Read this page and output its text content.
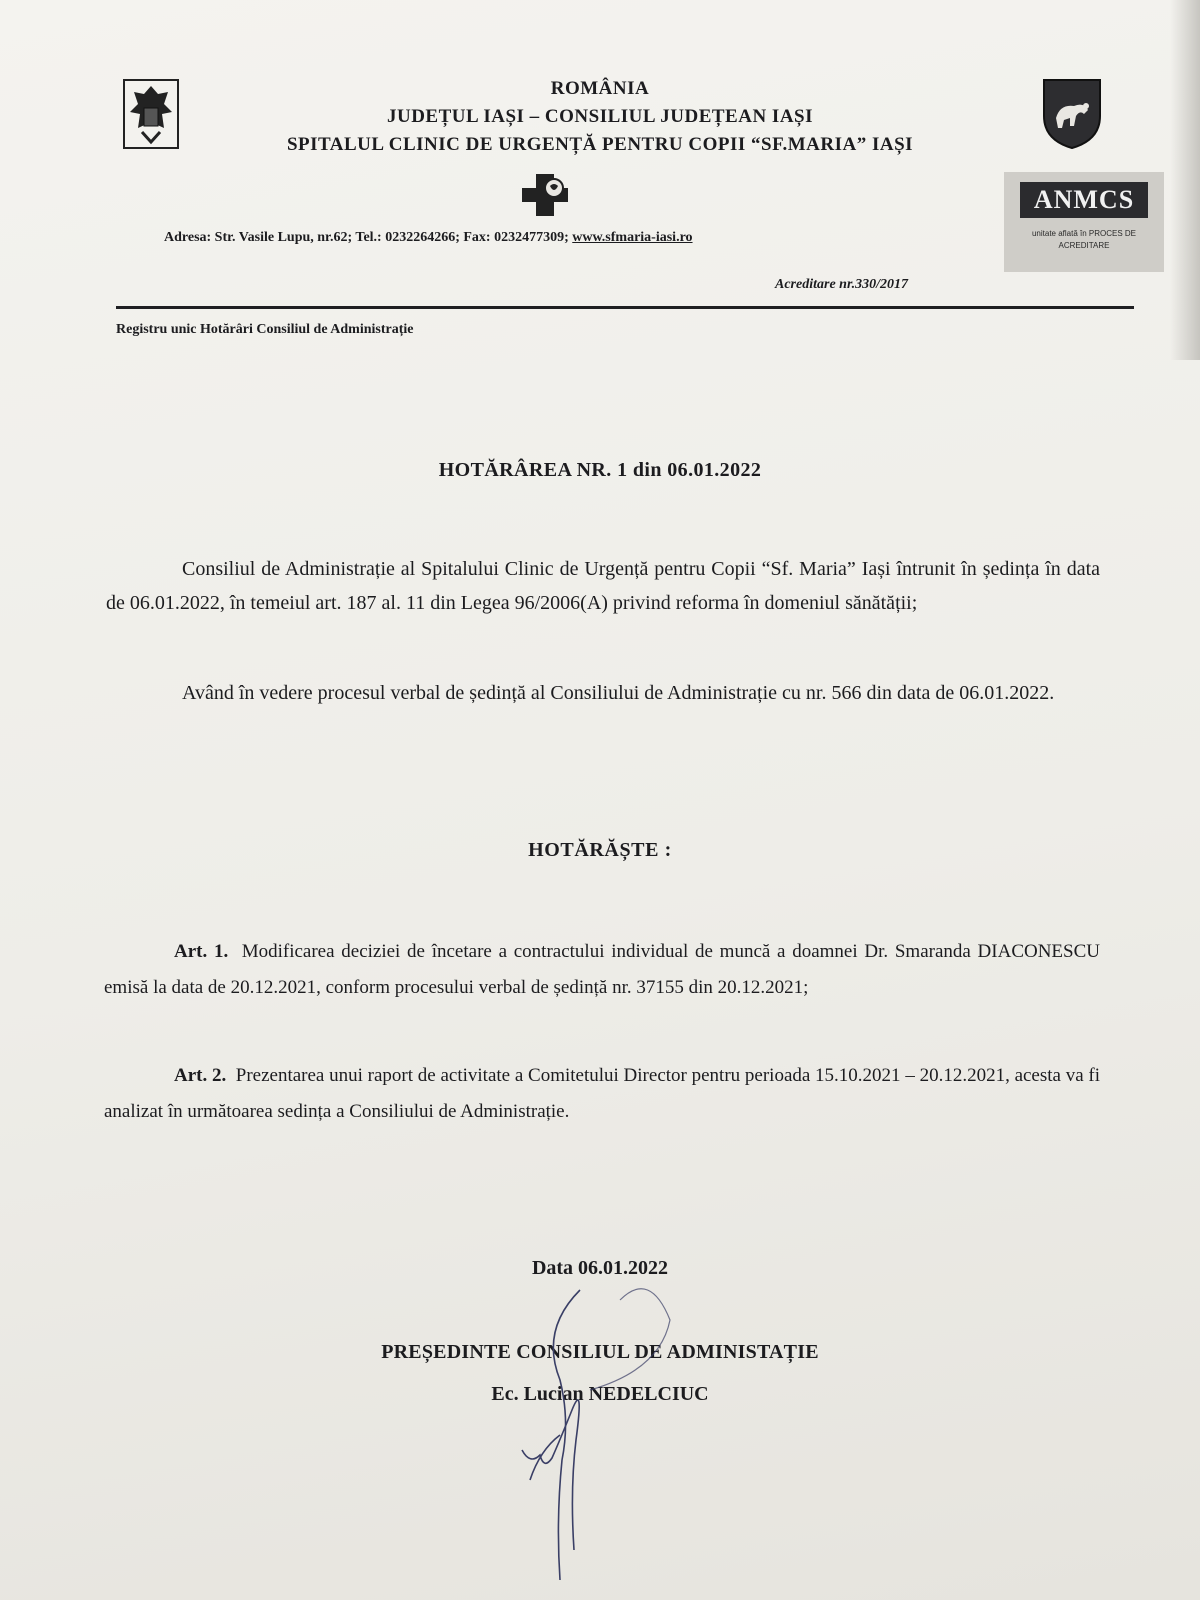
ROMÂNIA
JUDEȚUL IAȘI – CONSILIUL JUDEȚEAN IAȘI
SPITALUL CLINIC DE URGENȚĂ PENTRU COPII “SF.MARIA” IAȘI
ANMCS
unitate aflată în PROCES DE ACREDITARE
Adresa: Str. Vasile Lupu, nr.62; Tel.: 0232264266; Fax: 0232477309; www.sfmaria-iasi.ro
Acreditare nr.330/2017
Registru unic Hotărâri Consiliul de Administrație
HOTĂRÂREA NR. 1 din 06.01.2022
Consiliul de Administrație al Spitalului Clinic de Urgență pentru Copii “Sf. Maria” Iași întrunit în ședința în data de 06.01.2022, în temeiul art. 187 al. 11 din Legea 96/2006(A) privind reforma în domeniul sănătății;
Având în vedere procesul verbal de ședință al Consiliului de Administrație cu nr. 566 din data de 06.01.2022.
HOTĂRĂȘTE :
Art. 1. Modificarea deciziei de încetare a contractului individual de muncă a doamnei Dr. Smaranda DIACONESCU emisă la data de 20.12.2021, conform procesului verbal de ședință nr. 37155 din 20.12.2021;
Art. 2. Prezentarea unui raport de activitate a Comitetului Director pentru perioada 15.10.2021 – 20.12.2021, acesta va fi analizat în următoarea sedința a Consiliului de Administrație.
Data 06.01.2022
PREȘEDINTE CONSILIUL DE ADMINISTAȚIE
Ec. Lucian NEDELCIUC
